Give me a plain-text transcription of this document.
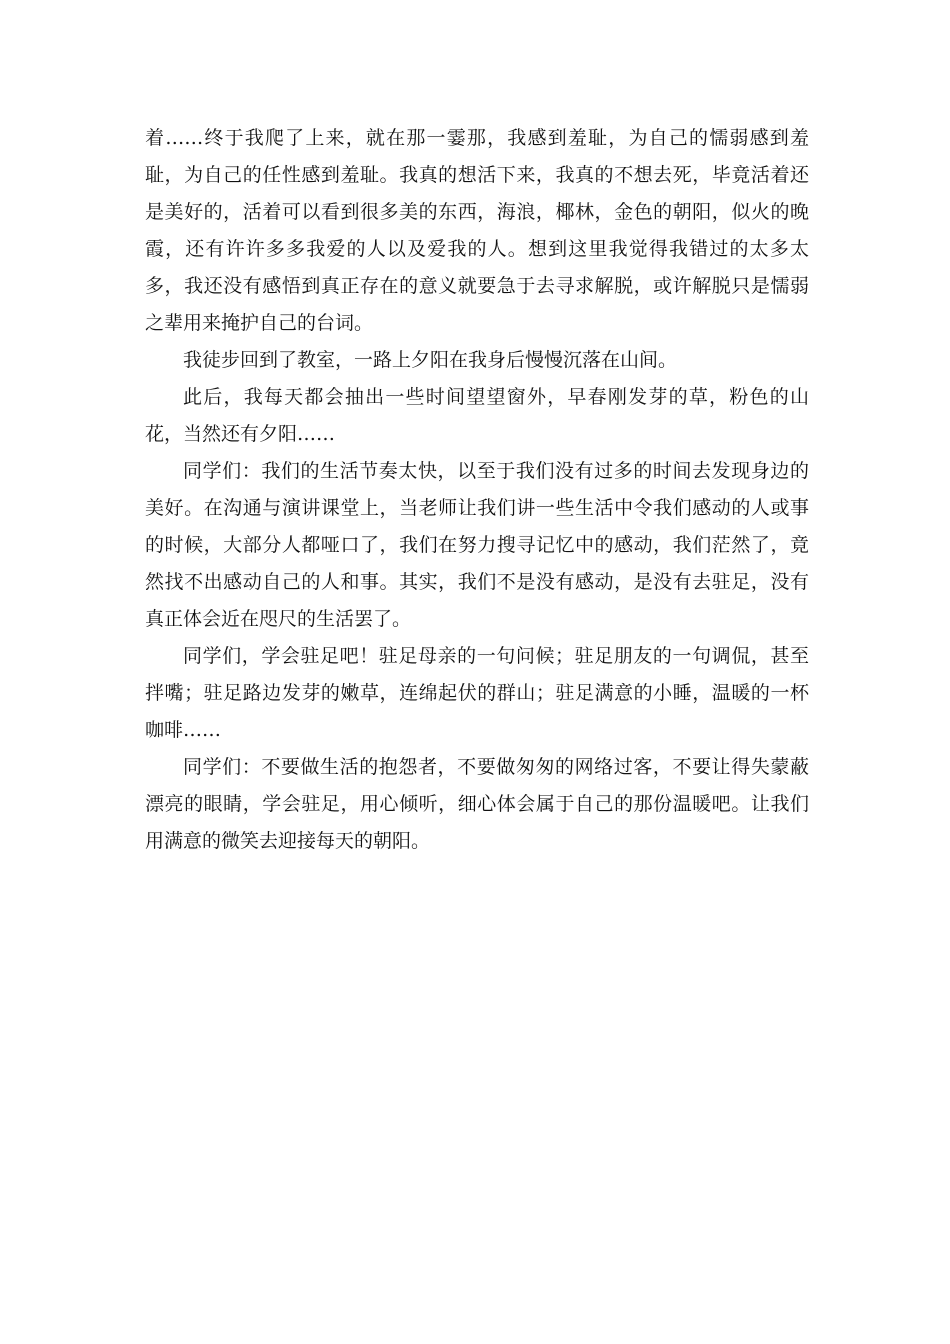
着……终于我爬了上来，就在那一霎那，我感到羞耻，为自己的懦弱感到羞耻，为自己的任性感到羞耻。我真的想活下来，我真的不想去死，毕竟活着还是美好的，活着可以看到很多美的东西，海浪，椰林，金色的朝阳，似火的晚霞，还有许许多多我爱的人以及爱我的人。想到这里我觉得我错过的太多太多，我还没有感悟到真正存在的意义就要急于去寻求解脱，或许解脱只是懦弱之辈用来掩护自己的台词。

我徒步回到了教室，一路上夕阳在我身后慢慢沉落在山间。

此后，我每天都会抽出一些时间望望窗外，早春刚发芽的草，粉色的山花，当然还有夕阳……

同学们：我们的生活节奏太快，以至于我们没有过多的时间去发现身边的美好。在沟通与演讲课堂上，当老师让我们讲一些生活中令我们感动的人或事的时候，大部分人都哑口了，我们在努力搜寻记忆中的感动，我们茫然了，竟然找不出感动自己的人和事。其实，我们不是没有感动，是没有去驻足，没有真正体会近在咫尺的生活罢了。

同学们，学会驻足吧！驻足母亲的一句问候；驻足朋友的一句调侃，甚至拌嘴；驻足路边发芽的嫩草，连绵起伏的群山；驻足满意的小睡，温暖的一杯咖啡……

同学们：不要做生活的抱怨者，不要做匆匆的网络过客，不要让得失蒙蔽漂亮的眼睛，学会驻足，用心倾听，细心体会属于自己的那份温暖吧。让我们用满意的微笑去迎接每天的朝阳。
